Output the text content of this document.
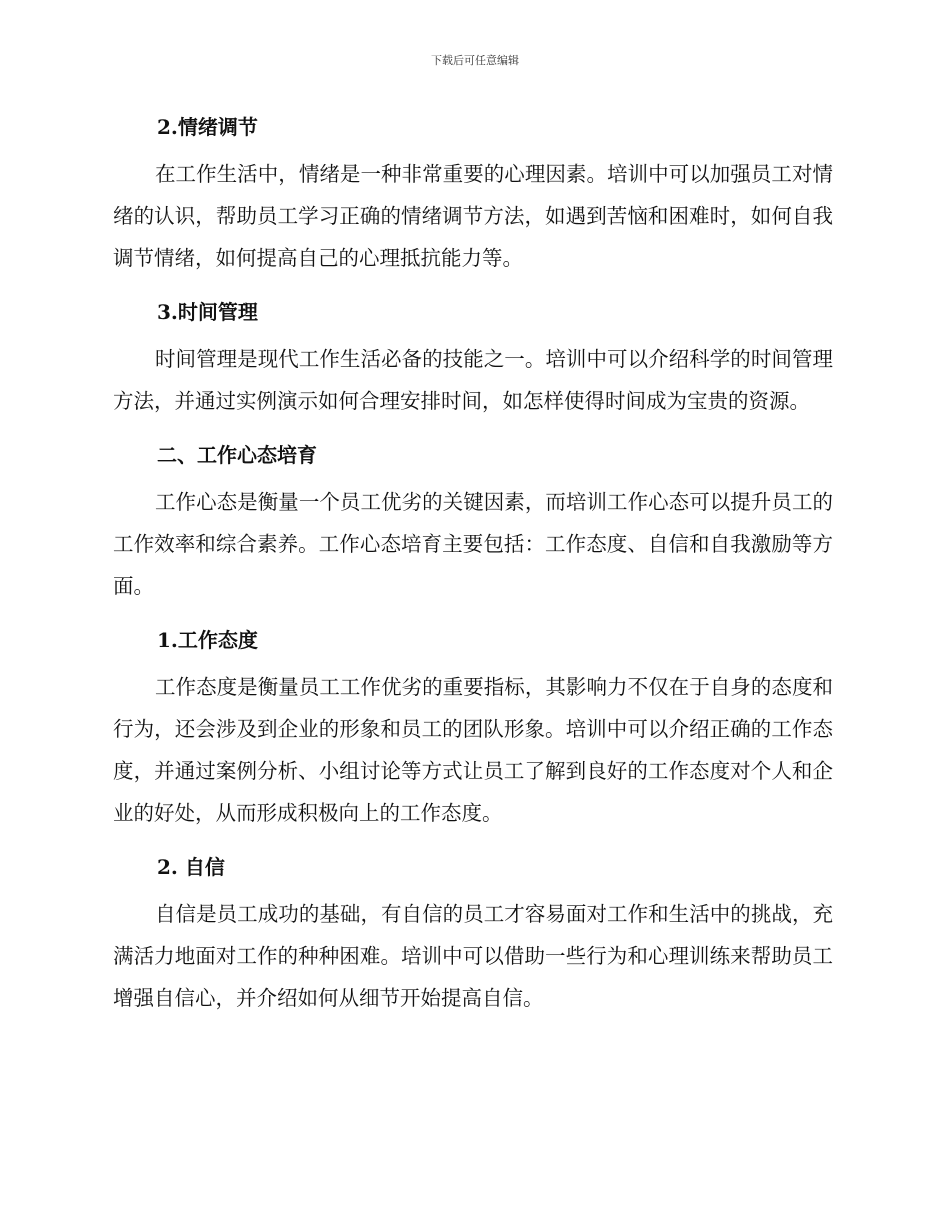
下载后可任意编辑
2.情绪调节

在工作生活中，情绪是一种非常重要的心理因素。培训中可以加强员工对情绪的认识，帮助员工学习正确的情绪调节方法，如遇到苦恼和困难时，如何自我调节情绪，如何提高自己的心理抵抗能力等。

3.时间管理

时间管理是现代工作生活必备的技能之一。培训中可以介绍科学的时间管理方法，并通过实例演示如何合理安排时间，如怎样使得时间成为宝贵的资源。

二、工作心态培育

工作心态是衡量一个员工优劣的关键因素，而培训工作心态可以提升员工的工作效率和综合素养。工作心态培育主要包括：工作态度、自信和自我激励等方面。

1.工作态度

工作态度是衡量员工工作优劣的重要指标，其影响力不仅在于自身的态度和行为，还会涉及到企业的形象和员工的团队形象。培训中可以介绍正确的工作态度，并通过案例分析、小组讨论等方式让员工了解到良好的工作态度对个人和企业的好处，从而形成积极向上的工作态度。

2. 自信

自信是员工成功的基础，有自信的员工才容易面对工作和生活中的挑战，充满活力地面对工作的种种困难。培训中可以借助一些行为和心理训练来帮助员工增强自信心，并介绍如何从细节开始提高自信。
